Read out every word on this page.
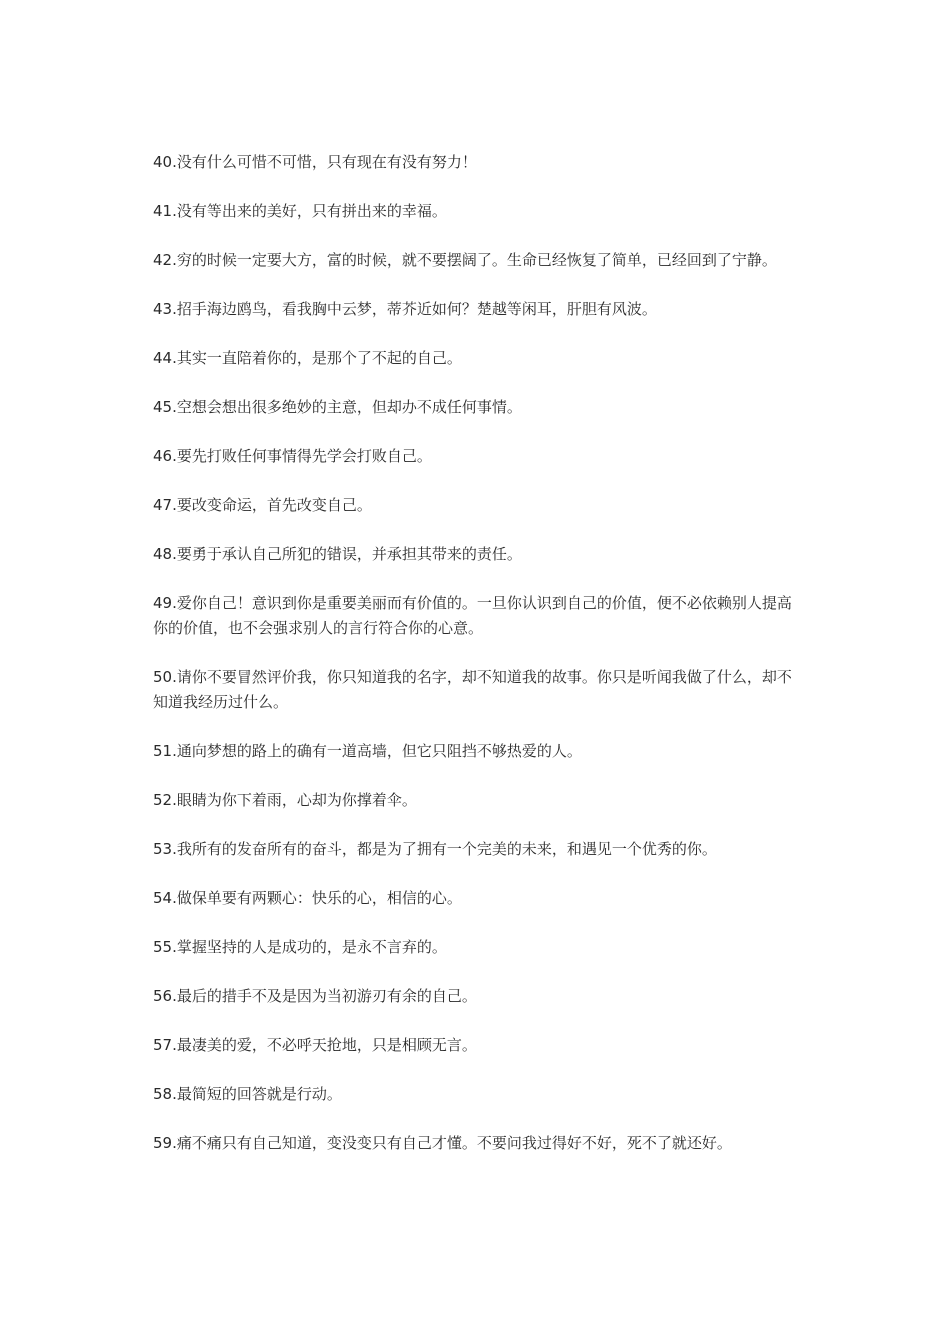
40.没有什么可惜不可惜，只有现在有没有努力！

41.没有等出来的美好，只有拼出来的幸福。

42.穷的时候一定要大方，富的时候，就不要摆阔了。生命已经恢复了简单，已经回到了宁静。

43.招手海边鸥鸟，看我胸中云梦，蒂芥近如何？楚越等闲耳，肝胆有风波。

44.其实一直陪着你的，是那个了不起的自己。

45.空想会想出很多绝妙的主意，但却办不成任何事情。

46.要先打败任何事情得先学会打败自己。

47.要改变命运，首先改变自己。

48.要勇于承认自己所犯的错误，并承担其带来的责任。

49.爱你自己！意识到你是重要美丽而有价值的。一旦你认识到自己的价值，便不必依赖别人提高你的价值，也不会强求别人的言行符合你的心意。

50.请你不要冒然评价我，你只知道我的名字，却不知道我的故事。你只是听闻我做了什么，却不知道我经历过什么。

51.通向梦想的路上的确有一道高墙，但它只阻挡不够热爱的人。

52.眼睛为你下着雨，心却为你撑着伞。

53.我所有的发奋所有的奋斗，都是为了拥有一个完美的未来，和遇见一个优秀的你。

54.做保单要有两颗心：快乐的心，相信的心。

55.掌握坚持的人是成功的，是永不言弃的。

56.最后的措手不及是因为当初游刃有余的自己。

57.最凄美的爱，不必呼天抢地，只是相顾无言。

58.最简短的回答就是行动。

59.痛不痛只有自己知道，变没变只有自己才懂。不要问我过得好不好，死不了就还好。
